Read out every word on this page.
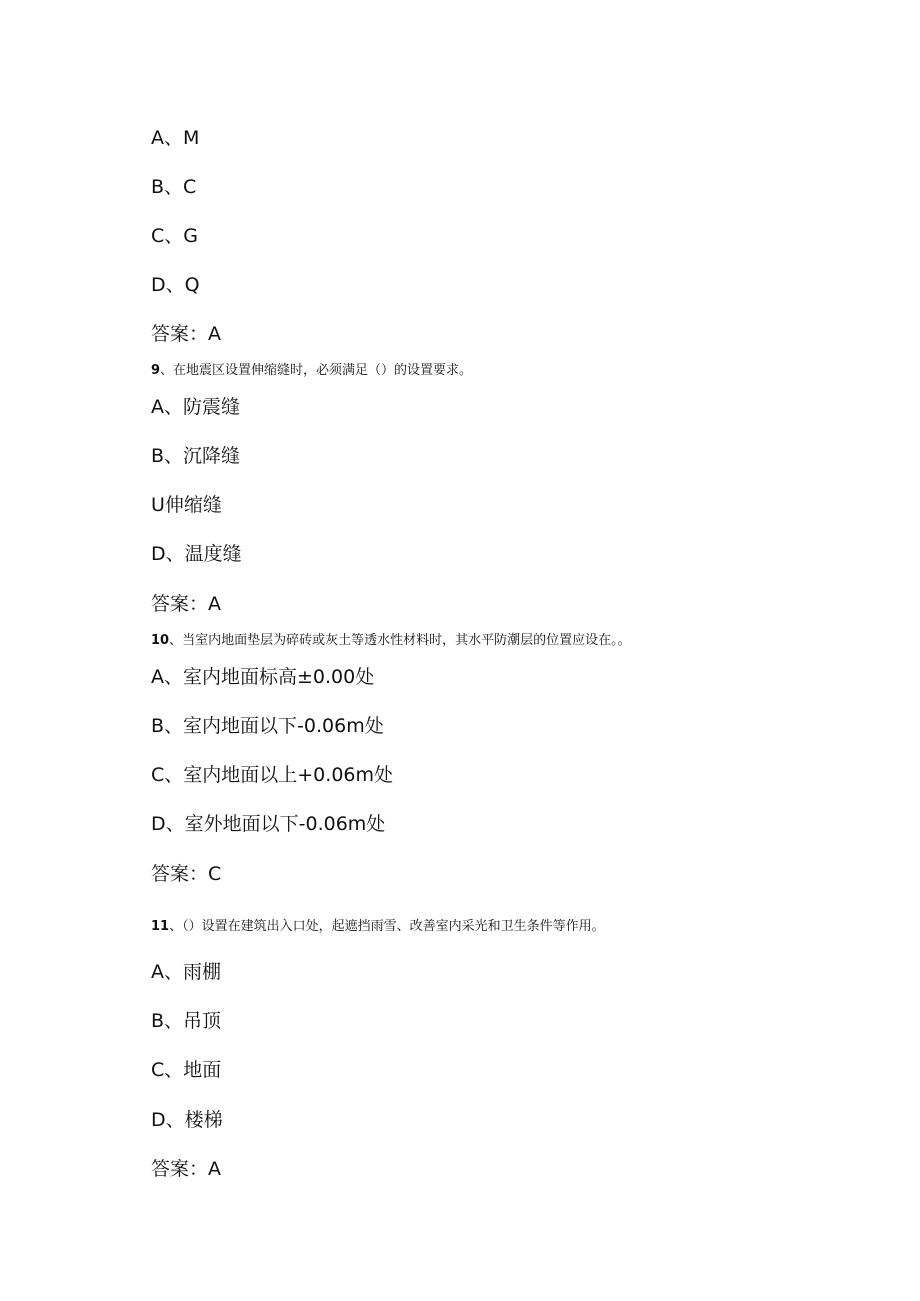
A、M
B、C
C、G
D、Q
答案：A
9、在地震区设置伸缩缝时，必须满足（）的设置要求。
A、防震缝
B、沉降缝
U伸缩缝
D、温度缝
答案：A
10、当室内地面垫层为碎砖或灰土等透水性材料时，其水平防潮层的位置应设在。。
A、室内地面标高±0.00处
B、室内地面以下-0.06m处
C、室内地面以上+0.06m处
D、室外地面以下-0.06m处
答案：C
11、（）设置在建筑出入口处，起遮挡雨雪、改善室内采光和卫生条件等作用。
A、雨棚
B、吊顶
C、地面
D、楼梯
答案：A
